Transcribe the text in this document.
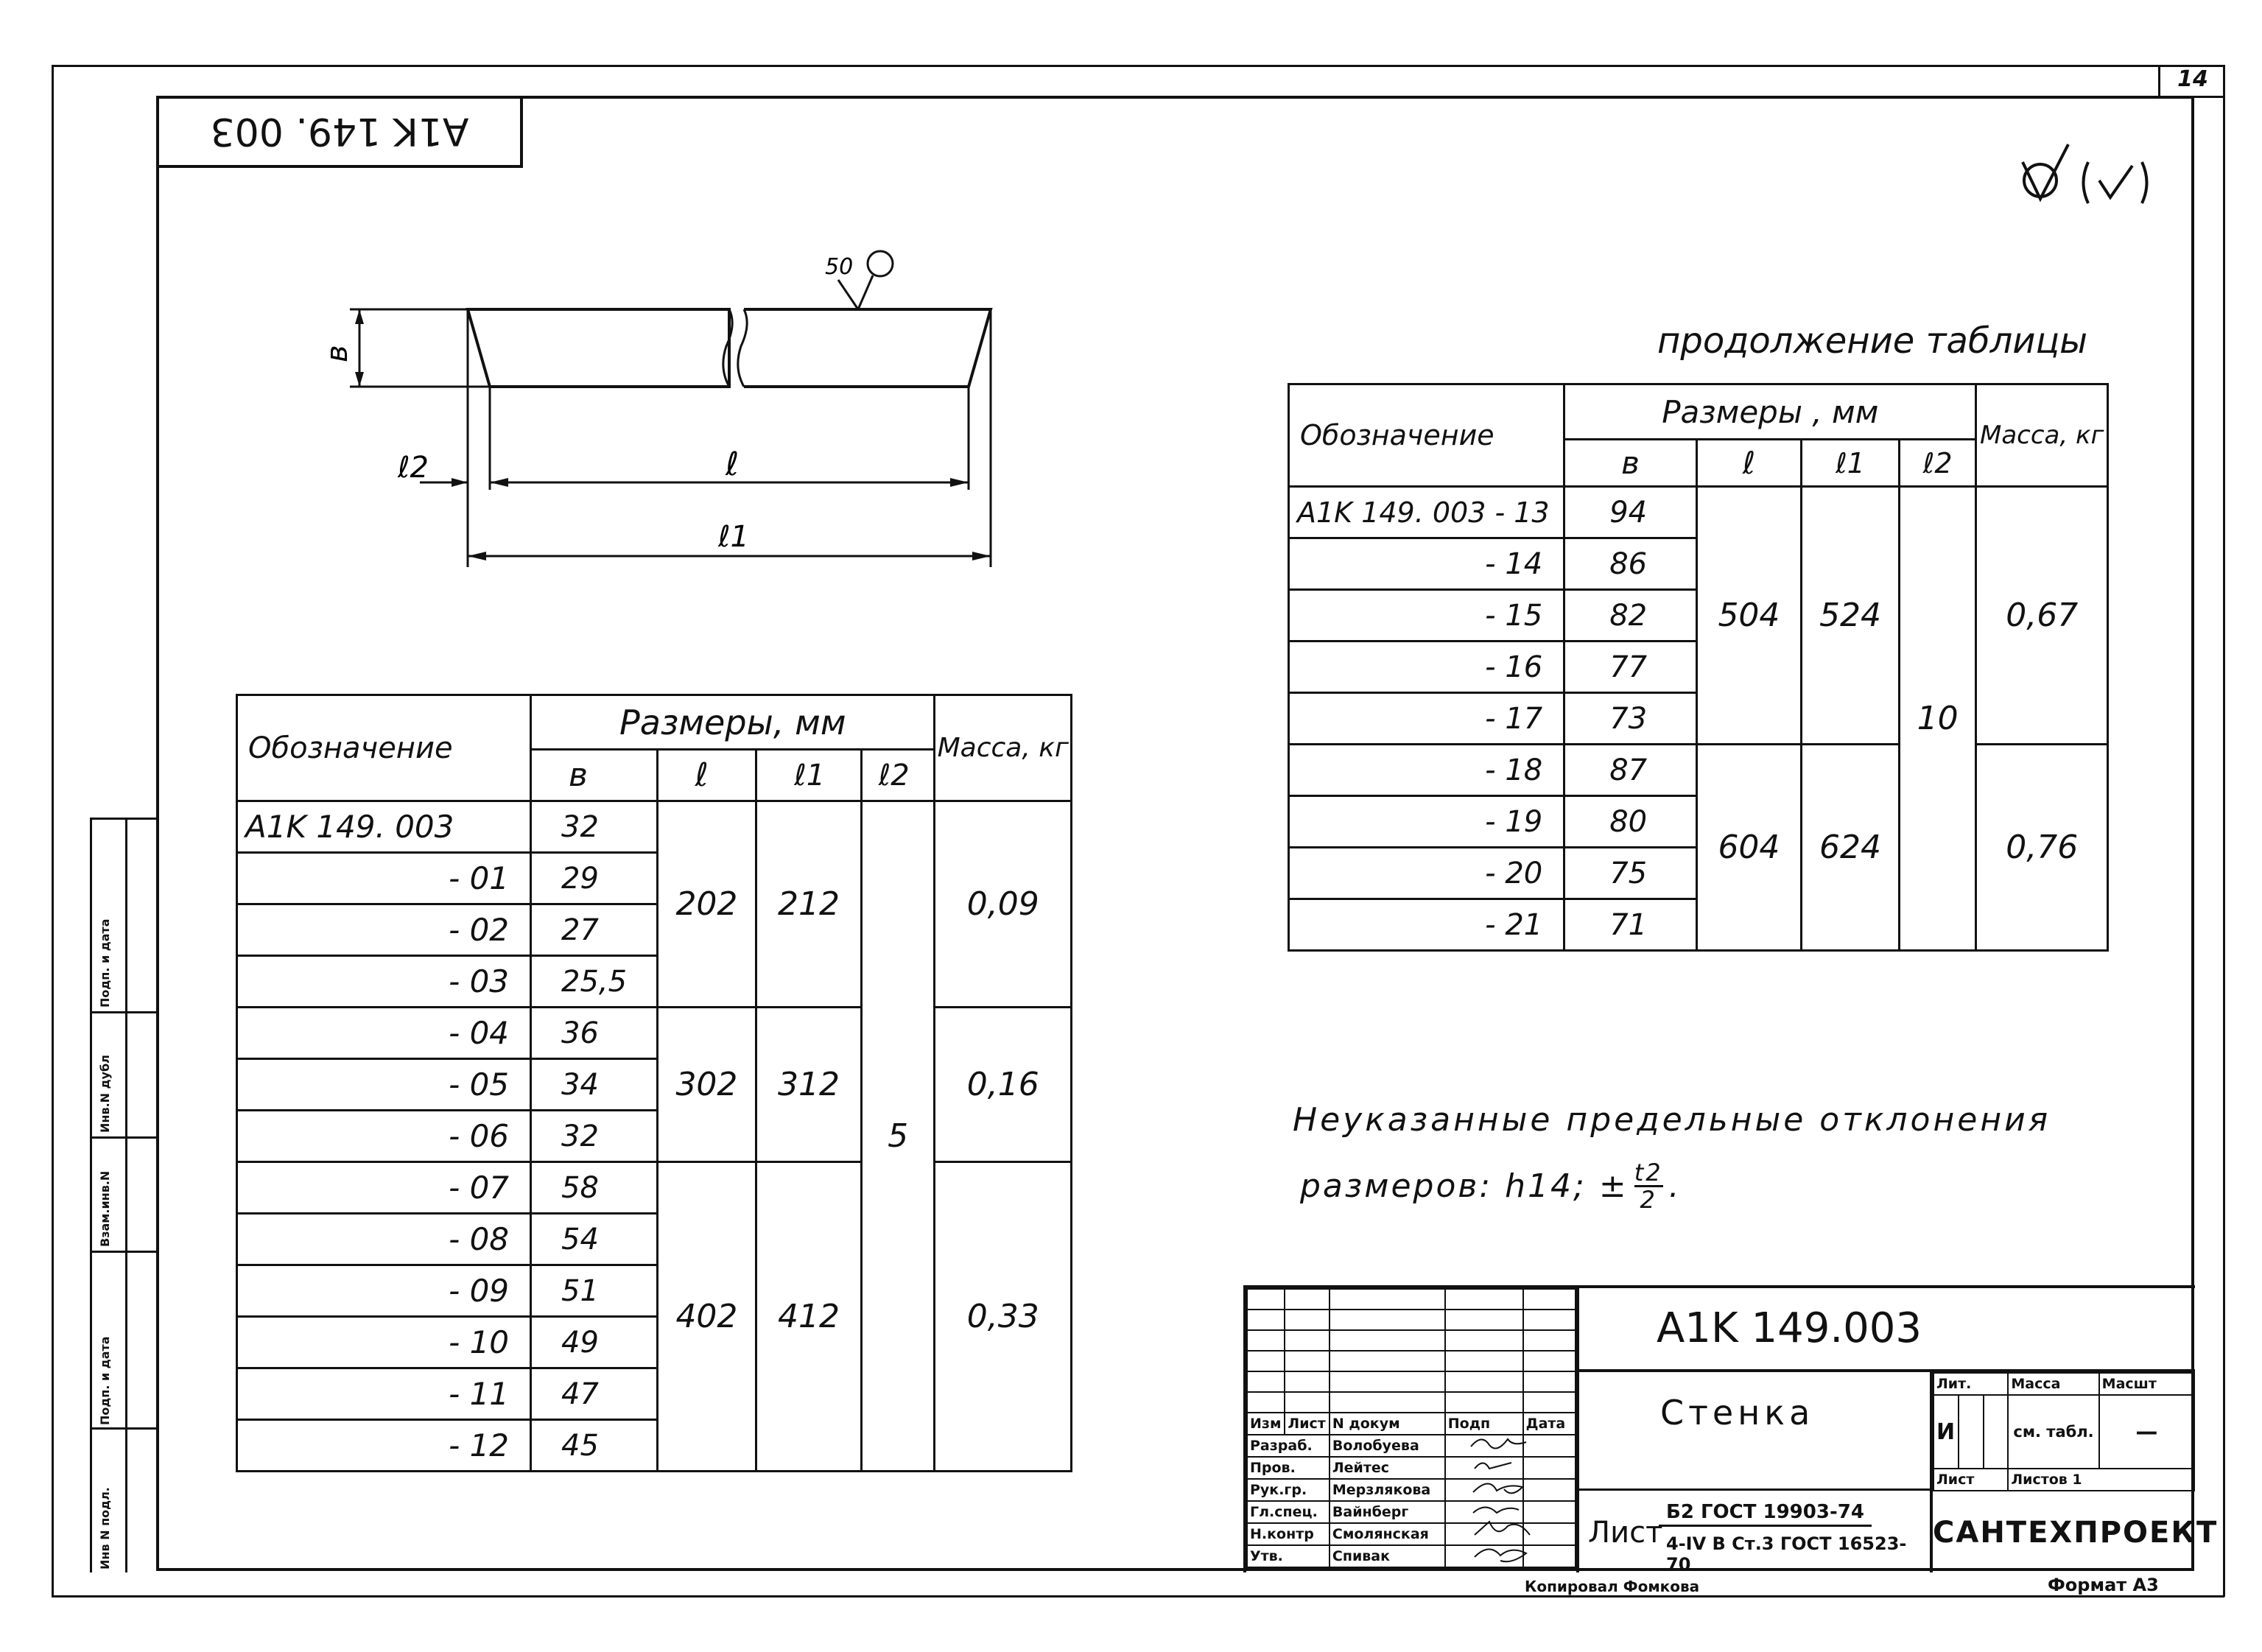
14
A1K 149. 003
50
в
ℓ2	ℓ
ℓ1
Обозначение	Размеры, мм				Масса, кг
	в	ℓ	ℓ1	ℓ2	
A1K 149. 003	32	202	212	5	0,09
- 01	29				
- 02	27				
- 03	25,5				
- 04	36	302	312		0,16
- 05	34				
- 06	32				
- 07	58	402	412		0,33
- 08	54				
- 09	51				
- 10	49				
- 11	47				
- 12	45				
продолжение таблицы
Обозначение	Размеры , мм				Масса, кг
	в	ℓ	ℓ1	ℓ2	
A1K 149. 003 - 13	94	504	524	10	0,67
- 14	86				
- 15	82				
- 16	77				
- 17	73				
- 18	87	604	624		0,76
- 19	80				
- 20	75				
- 21	71				
Неуказанные предельные отклонения
размеров: h14; ± $\frac{t2}{2}$ .
Инв N подл.
Подп. и дата
Взам.инв.N
Инв.N дубл
Подп. и дата

Изм	Лист	N докум	Подп	Дата
Разраб.		Волобуева		
Пров.		Лейтес		
Рук.гр.		Мерзлякова		
Гл.спец.		Вайнберг		
Н.контр		Смолянская		
Утв.		Спивак		
A1K 149.003
Стенка
Лист
Б2 ГОСТ 19903-74
4-IV В Ст.3 ГОСТ 16523-70
Лит.			Масса	Масшт
И			см. табл.	—
Лист			Листов 1	
САНТЕХПРОЕКТ
Копировал Фомкова	Формат А3
